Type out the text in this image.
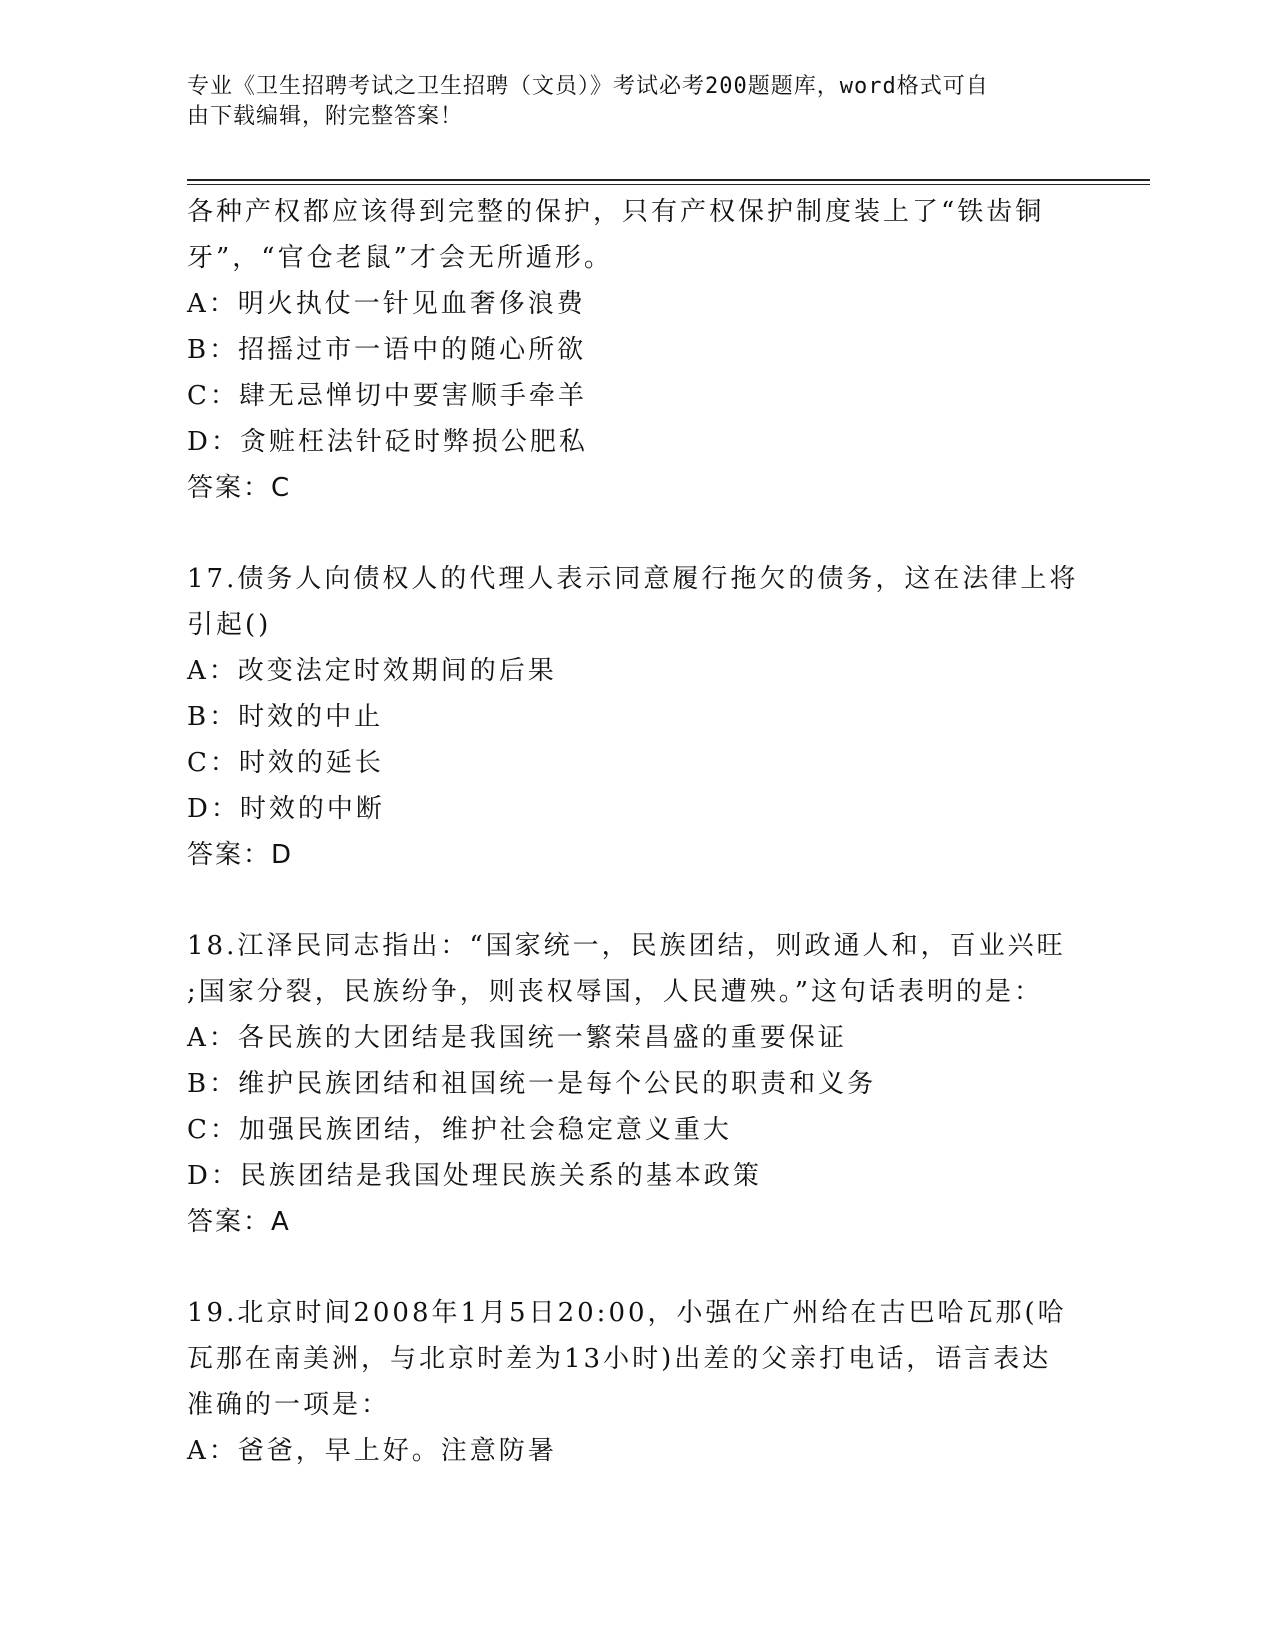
专业《卫生招聘考试之卫生招聘（文员）》考试必考200题题库，word格式可自
由下载编辑，附完整答案！
各种产权都应该得到完整的保护，只有产权保护制度装上了“铁齿铜
牙”，“官仓老鼠”才会无所遁形。
A：明火执仗一针见血奢侈浪费
B：招摇过市一语中的随心所欲
C：肆无忌惮切中要害顺手牵羊
D：贪赃枉法针砭时弊损公肥私
答案：C
17.债务人向债权人的代理人表示同意履行拖欠的债务，这在法律上将
引起()
A：改变法定时效期间的后果
B：时效的中止
C：时效的延长
D：时效的中断
答案：D
18.江泽民同志指出：“国家统一，民族团结，则政通人和，百业兴旺
;国家分裂，民族纷争，则丧权辱国，人民遭殃。”这句话表明的是：
A：各民族的大团结是我国统一繁荣昌盛的重要保证
B：维护民族团结和祖国统一是每个公民的职责和义务
C：加强民族团结，维护社会稳定意义重大
D：民族团结是我国处理民族关系的基本政策
答案：A
19.北京时间2008年1月5日20:00，小强在广州给在古巴哈瓦那(哈
瓦那在南美洲，与北京时差为13小时)出差的父亲打电话，语言表达
准确的一项是：
A：爸爸，早上好。注意防暑
